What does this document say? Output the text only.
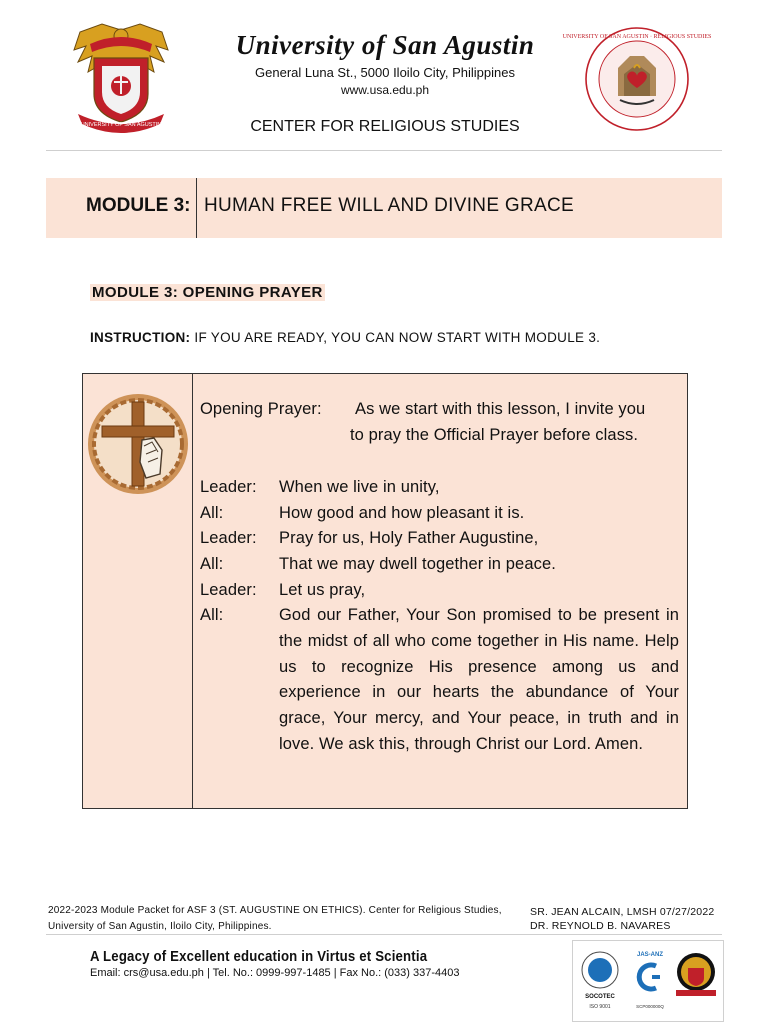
UNIVERSITY OF SAN AGUSTIN
University of San Agustin
General Luna St., 5000 Iloilo City, Philippines
www.usa.edu.ph
CENTER FOR RELIGIOUS STUDIES
UNIVERSITY OF SAN AGUSTIN · RELIGIOUS STUDIES
MODULE 3: HUMAN FREE WILL AND DIVINE GRACE
MODULE 3: OPENING PRAYER
INSTRUCTION: IF YOU ARE READY, YOU CAN NOW START WITH MODULE 3.
Opening Prayer: As we start with this lesson, I invite you
to pray the Official Prayer before class.
Leader:	When we live in unity,
All:	How good and how pleasant it is.
Leader:	Pray for us, Holy Father Augustine,
All:	That we may dwell together in peace.
Leader:	Let us pray,
All:	God our Father, Your Son promised to be present in the midst of all who come together in His name. Help us to recognize His presence among us and experience in our hearts the abundance of Your grace, Your mercy, and Your peace, in truth and in love. We ask this, through Christ our Lord. Amen.
2022-2023 Module Packet for ASF 3 (ST. AUGUSTINE ON ETHICS). Center for Religious Studies, University of San Agustin, Iloilo City, Philippines.
SR. JEAN ALCAIN, LMSH 07/27/2022
DR. REYNOLD B. NAVARES
A Legacy of Excellent education in Virtus et Scientia
Email: crs@usa.edu.ph | Tel. No.: 0999-997-1485 | Fax No.: (033) 337-4403
SOCOTEC
ISO 9001
JAS-ANZ
SCP000000Q
